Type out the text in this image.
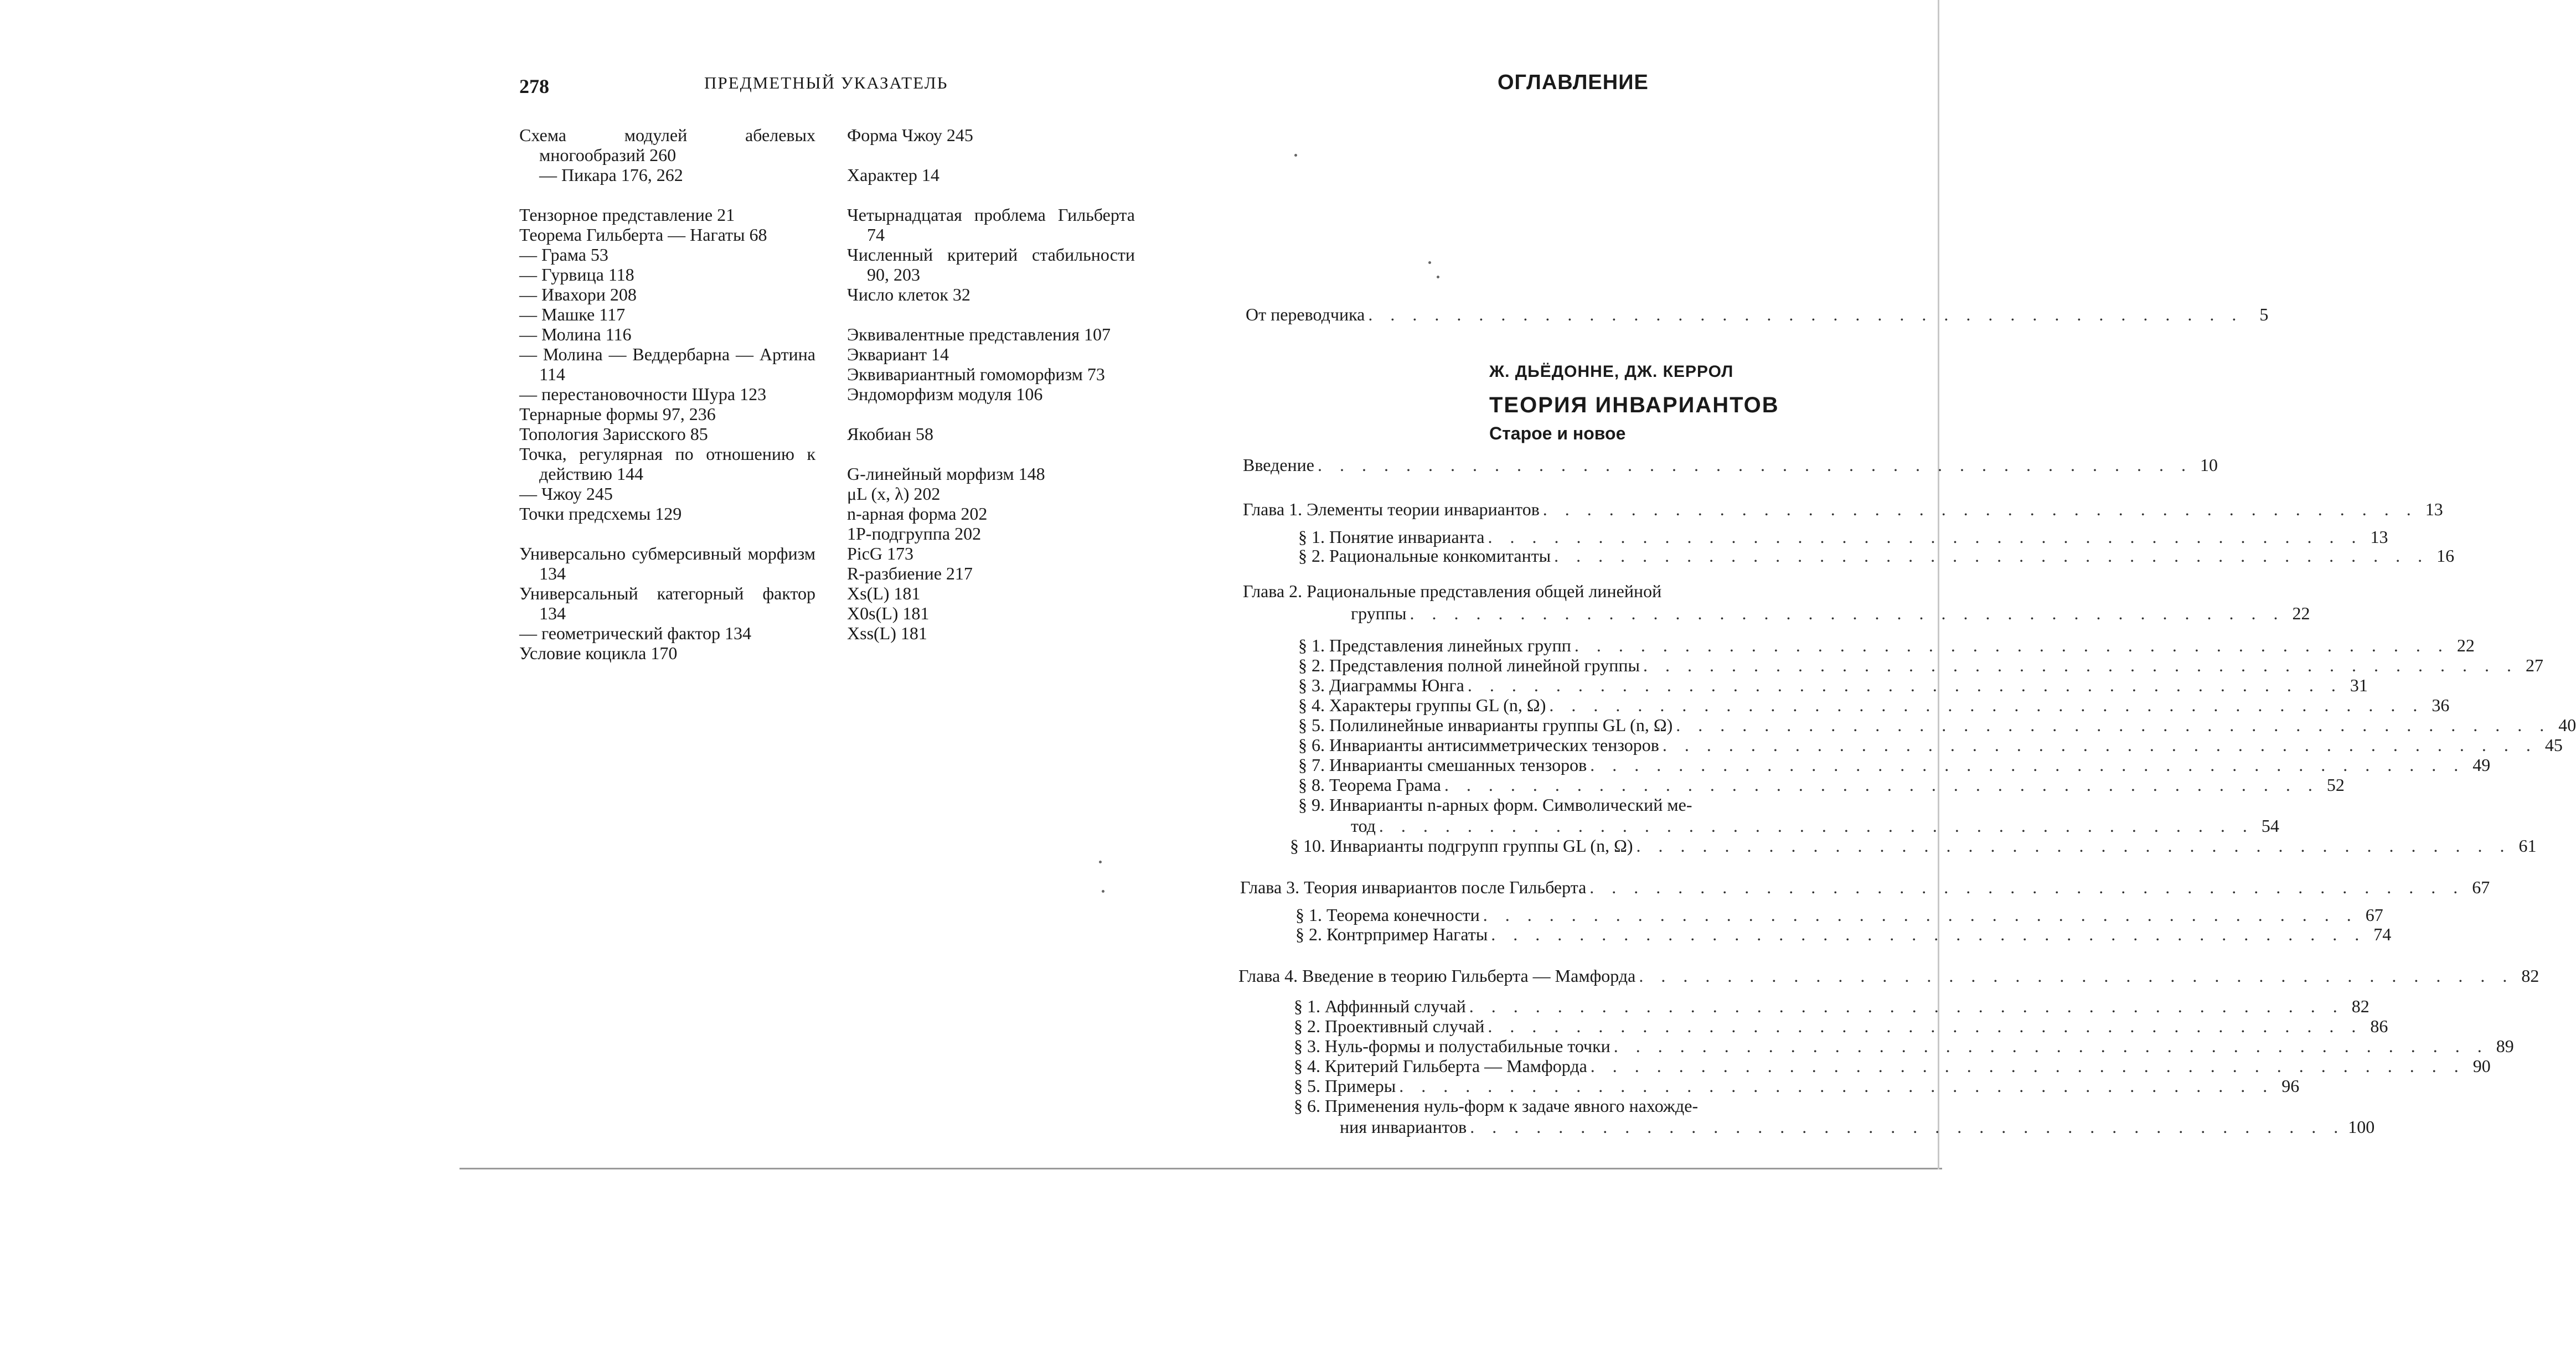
278	ПРЕДМЕТНЫЙ УКАЗАТЕЛЬ
Схема модулей абелевых многообразий 260
— Пикара 176, 262
Тензорное представление 21
Теорема Гильберта — Нагаты 68
— Грама 53
— Гурвица 118
— Ивахори 208
— Машке 117
— Молина 116
— Молина — Веддербарна — Артина 114
— перестановочности Шура 123
Тернарные формы 97, 236
Топология Зарисского 85
Точка, регулярная по отношению к действию 144
— Чжоу 245
Точки предсхемы 129
Универсально субмерсивный морфизм 134
Универсальный категорный фактор 134
— геометрический фактор 134
Условие коцикла 170
Форма Чжоу 245
Характер 14
Четырнадцатая проблема Гильберта 74
Численный критерий стабильности 90, 203
Число клеток 32
Эквивалентные представления 107
Эквариант 14
Эквивариантный гомоморфизм 73
Эндоморфизм модуля 106
Якобиан 58
G-линейный морфизм 148
μL (x, λ) 202
n-арная форма 202
1P-подгруппа 202
PicG 173
R-разбиение 217
Xs(L) 181
X0s(L) 181
Xss(L) 181
ОГЛАВЛЕНИЕ
От переводчика . . . . . . . . . . . . . . . . . . . . . . . . . . . . . . . . . . . . . . . . 5
Ж. ДЬЁДОННЕ, ДЖ. КЕРРОЛ
ТЕОРИЯ ИНВАРИАНТОВ
Старое и новое
Введение . . . . . . . . . . . . . . . . . . . . . . . . . . . . . . . . . . . . . . . . 10
Глава 1. Элементы теории инвариантов . . . . . . . . . . . . . . . . . . . . . . . . . . . . . . . . . . . . . . . . 13
§ 1. Понятие инварианта . . . . . . . . . . . . . . . . . . . . . . . . . . . . . . . . . . . . . . . . 13
§ 2. Рациональные конкомитанты . . . . . . . . . . . . . . . . . . . . . . . . . . . . . . . . . . . . . . . . 16
Глава 2. Рациональные представления общей линейной
группы . . . . . . . . . . . . . . . . . . . . . . . . . . . . . . . . . . . . . . . . 22
§ 1. Представления линейных групп . . . . . . . . . . . . . . . . . . . . . . . . . . . . . . . . . . . . . . . . 22
§ 2. Представления полной линейной группы . . . . . . . . . . . . . . . . . . . . . . . . . . . . . . . . . . . . . . . . 27
§ 3. Диаграммы Юнга . . . . . . . . . . . . . . . . . . . . . . . . . . . . . . . . . . . . . . . . 31
§ 4. Характеры группы GL (n, Ω) . . . . . . . . . . . . . . . . . . . . . . . . . . . . . . . . . . . . . . . . 36
§ 5. Полилинейные инварианты группы GL (n, Ω) . . . . . . . . . . . . . . . . . . . . . . . . . . . . . . . . . . . . . . . . 40
§ 6. Инварианты антисимметрических тензоров . . . . . . . . . . . . . . . . . . . . . . . . . . . . . . . . . . . . . . . . 45
§ 7. Инварианты смешанных тензоров . . . . . . . . . . . . . . . . . . . . . . . . . . . . . . . . . . . . . . . . 49
§ 8. Теорема Грама . . . . . . . . . . . . . . . . . . . . . . . . . . . . . . . . . . . . . . . . 52
§ 9. Инварианты n-арных форм. Символический ме-
тод . . . . . . . . . . . . . . . . . . . . . . . . . . . . . . . . . . . . . . . . 54
§ 10. Инварианты подгрупп группы GL (n, Ω) . . . . . . . . . . . . . . . . . . . . . . . . . . . . . . . . . . . . . . . . 61
Глава 3. Теория инвариантов после Гильберта . . . . . . . . . . . . . . . . . . . . . . . . . . . . . . . . . . . . . . . . 67
§ 1. Теорема конечности . . . . . . . . . . . . . . . . . . . . . . . . . . . . . . . . . . . . . . . . 67
§ 2. Контрпример Нагаты . . . . . . . . . . . . . . . . . . . . . . . . . . . . . . . . . . . . . . . . 74
Глава 4. Введение в теорию Гильберта — Мамфорда . . . . . . . . . . . . . . . . . . . . . . . . . . . . . . . . . . . . . . . . 82
§ 1. Аффинный случай . . . . . . . . . . . . . . . . . . . . . . . . . . . . . . . . . . . . . . . . 82
§ 2. Проективный случай . . . . . . . . . . . . . . . . . . . . . . . . . . . . . . . . . . . . . . . . 86
§ 3. Нуль-формы и полустабильные точки . . . . . . . . . . . . . . . . . . . . . . . . . . . . . . . . . . . . . . . . 89
§ 4. Критерий Гильберта — Мамфорда . . . . . . . . . . . . . . . . . . . . . . . . . . . . . . . . . . . . . . . . 90
§ 5. Примеры . . . . . . . . . . . . . . . . . . . . . . . . . . . . . . . . . . . . . . . . 96
§ 6. Применения нуль-форм к задаче явного нахожде-
ния инвариантов . . . . . . . . . . . . . . . . . . . . . . . . . . . . . . . . . . . . . . . . 100
